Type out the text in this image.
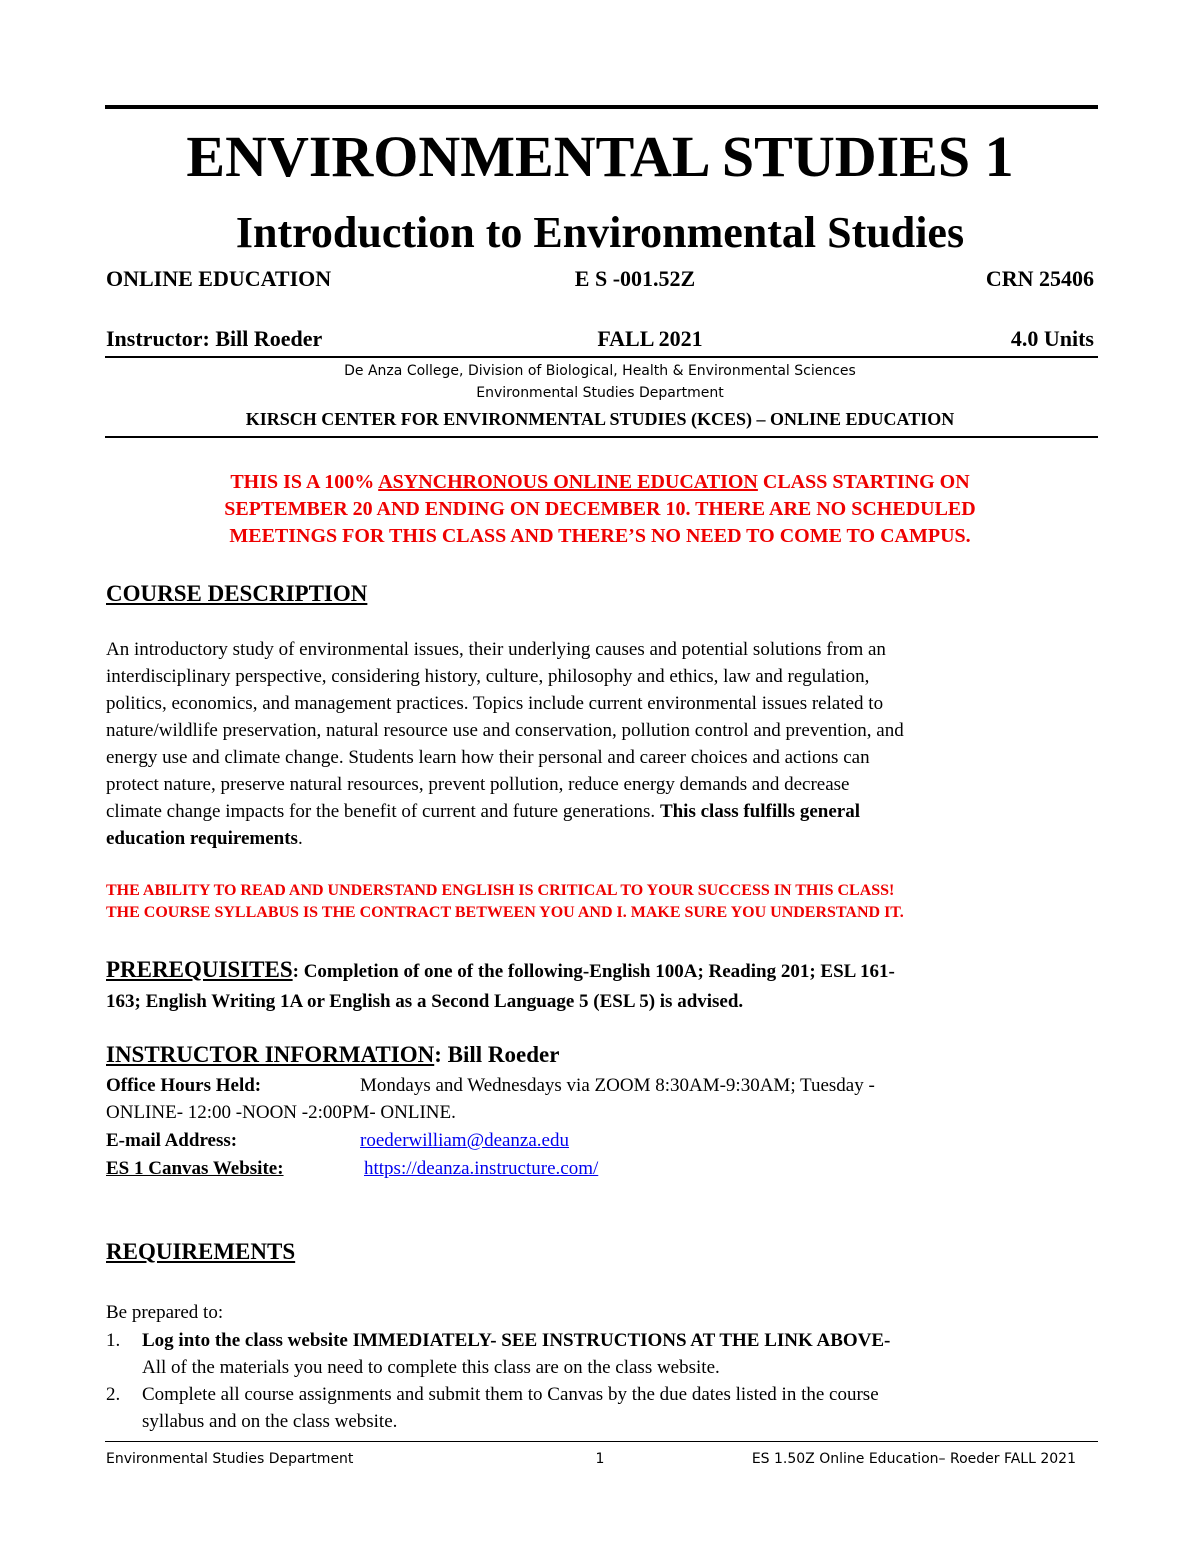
ENVIRONMENTAL STUDIES 1
Introduction to Environmental Studies
ONLINE EDUCATION	E S -001.52Z	CRN 25406
Instructor: Bill Roeder	FALL 2021	4.0 Units
De Anza College, Division of Biological, Health & Environmental Sciences
Environmental Studies Department
KIRSCH CENTER FOR ENVIRONMENTAL STUDIES (KCES) – ONLINE EDUCATION
THIS IS A 100% ASYNCHRONOUS ONLINE EDUCATION CLASS STARTING ON
SEPTEMBER 20 AND ENDING ON DECEMBER 10. THERE ARE NO SCHEDULED
MEETINGS FOR THIS CLASS AND THERE’S NO NEED TO COME TO CAMPUS.
COURSE DESCRIPTION
An introductory study of environmental issues, their underlying causes and potential solutions from an
interdisciplinary perspective, considering history, culture, philosophy and ethics, law and regulation,
politics, economics, and management practices. Topics include current environmental issues related to
nature/wildlife preservation, natural resource use and conservation, pollution control and prevention, and
energy use and climate change. Students learn how their personal and career choices and actions can
protect nature, preserve natural resources, prevent pollution, reduce energy demands and decrease
climate change impacts for the benefit of current and future generations. This class fulfills general
education requirements.
THE ABILITY TO READ AND UNDERSTAND ENGLISH IS CRITICAL TO YOUR SUCCESS IN THIS CLASS!
THE COURSE SYLLABUS IS THE CONTRACT BETWEEN YOU AND I. MAKE SURE YOU UNDERSTAND IT.
PREREQUISITES: Completion of one of the following-English 100A; Reading 201; ESL 161-
163; English Writing 1A or English as a Second Language 5 (ESL 5) is advised.
INSTRUCTOR INFORMATION: Bill Roeder
Office Hours Held:	Mondays and Wednesdays via ZOOM 8:30AM-9:30AM; Tuesday -
ONLINE- 12:00 -NOON -2:00PM- ONLINE.
E-mail Address:	roederwilliam@deanza.edu
ES 1 Canvas Website:	https://deanza.instructure.com/
REQUIREMENTS
Be prepared to:
1. Log into the class website IMMEDIATELY- SEE INSTRUCTIONS AT THE LINK ABOVE-
All of the materials you need to complete this class are on the class website.
2. Complete all course assignments and submit them to Canvas by the due dates listed in the course
syllabus and on the class website.
Environmental Studies Department	1	ES 1.50Z Online Education– Roeder FALL 2021
